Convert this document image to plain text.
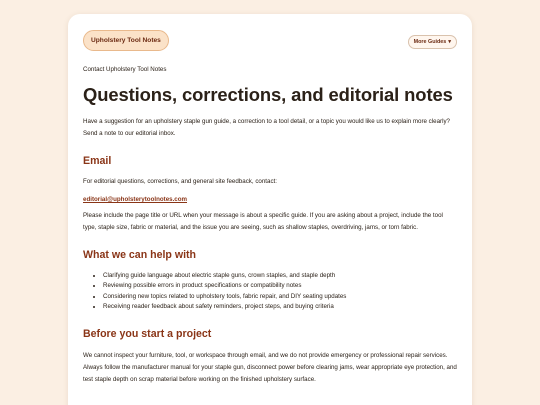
Upholstery Tool Notes	More Guides ▾
Contact Upholstery Tool Notes
Questions, corrections, and editorial notes

Have a suggestion for an upholstery staple gun guide, a correction to a tool detail, or a topic you would like us to explain more clearly? Send a note to our editorial inbox.

Email

For editorial questions, corrections, and general site feedback, contact:

editorial@upholsterytoolnotes.com

Please include the page title or URL when your message is about a specific guide. If you are asking about a project, include the tool type, staple size, fabric or material, and the issue you are seeing, such as shallow staples, overdriving, jams, or torn fabric.

What we can help with
• Clarifying guide language about electric staple guns, crown staples, and staple depth
• Reviewing possible errors in product specifications or compatibility notes
• Considering new topics related to upholstery tools, fabric repair, and DIY seating updates
• Receiving reader feedback about safety reminders, project steps, and buying criteria
Before you start a project

We cannot inspect your furniture, tool, or workspace through email, and we do not provide emergency or professional repair services. Always follow the manufacturer manual for your staple gun, disconnect power before clearing jams, wear appropriate eye protection, and test staple depth on scrap material before working on the finished upholstery surface.
